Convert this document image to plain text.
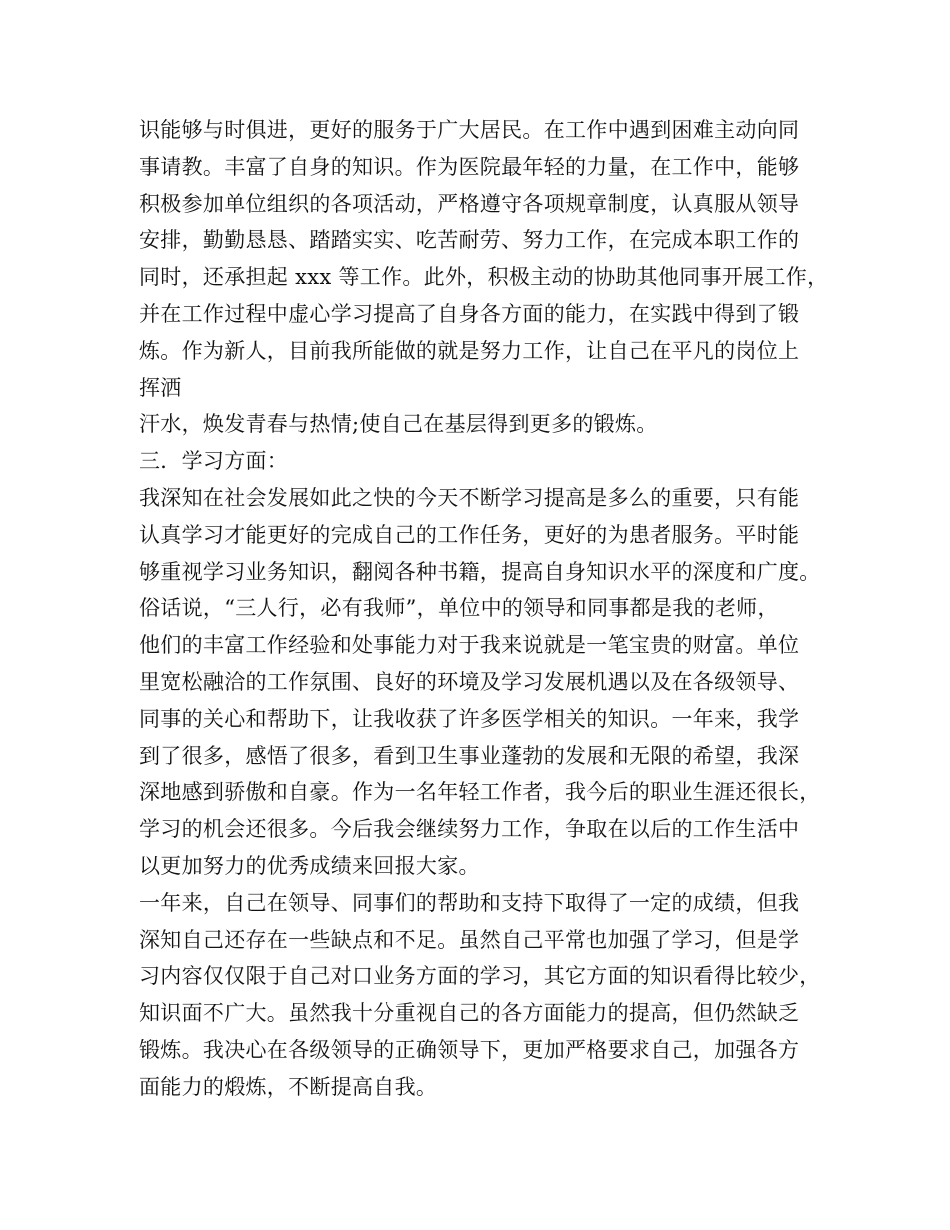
识能够与时俱进，更好的服务于广大居民。在工作中遇到困难主动向同
事请教。丰富了自身的知识。作为医院最年轻的力量，在工作中，能够
积极参加单位组织的各项活动，严格遵守各项规章制度，认真服从领导
安排，勤勤恳恳、踏踏实实、吃苦耐劳、努力工作，在完成本职工作的
同时，还承担起 xxx 等工作。此外，积极主动的协助其他同事开展工作，
并在工作过程中虚心学习提高了自身各方面的能力，在实践中得到了锻
炼。作为新人，目前我所能做的就是努力工作，让自己在平凡的岗位上
挥洒
汗水，焕发青春与热情;使自己在基层得到更多的锻炼。
三．学习方面：
我深知在社会发展如此之快的今天不断学习提高是多么的重要，只有能
认真学习才能更好的完成自己的工作任务，更好的为患者服务。平时能
够重视学习业务知识，翻阅各种书籍，提高自身知识水平的深度和广度。
俗话说，“三人行，必有我师”，单位中的领导和同事都是我的老师，
他们的丰富工作经验和处事能力对于我来说就是一笔宝贵的财富。单位
里宽松融洽的工作氛围、良好的环境及学习发展机遇以及在各级领导、
同事的关心和帮助下，让我收获了许多医学相关的知识。一年来，我学
到了很多，感悟了很多，看到卫生事业蓬勃的发展和无限的希望，我深
深地感到骄傲和自豪。作为一名年轻工作者，我今后的职业生涯还很长，
学习的机会还很多。今后我会继续努力工作，争取在以后的工作生活中
以更加努力的优秀成绩来回报大家。
一年来，自己在领导、同事们的帮助和支持下取得了一定的成绩，但我
深知自己还存在一些缺点和不足。虽然自己平常也加强了学习，但是学
习内容仅仅限于自己对口业务方面的学习，其它方面的知识看得比较少，
知识面不广大。虽然我十分重视自己的各方面能力的提高，但仍然缺乏
锻炼。我决心在各级领导的正确领导下，更加严格要求自己，加强各方
面能力的煅炼，不断提高自我。
